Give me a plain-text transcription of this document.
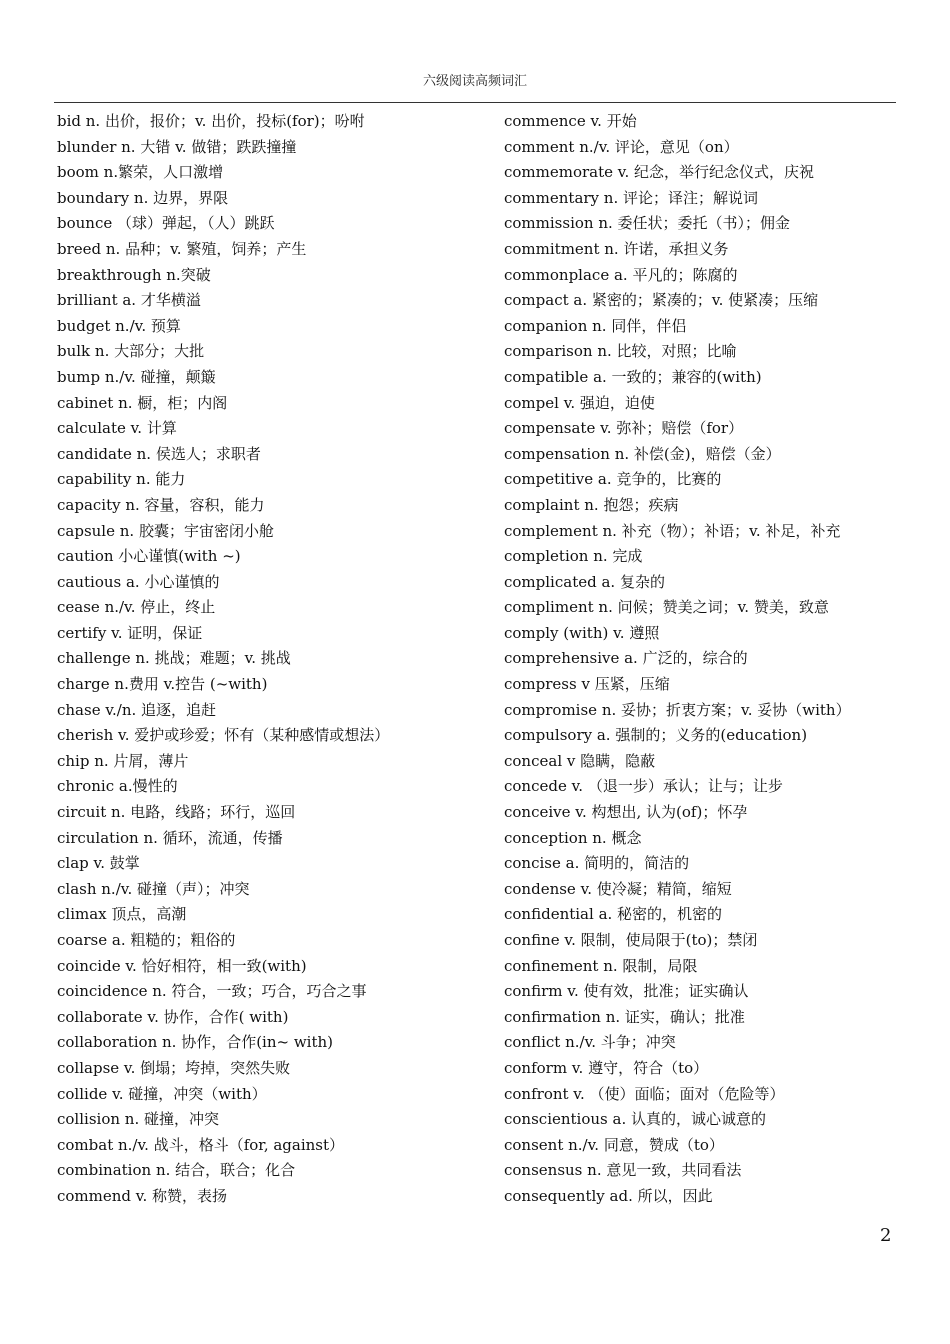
六级阅读高频词汇
bid n. 出价，报价；v. 出价，投标(for)；吩咐
blunder n. 大错 v. 做错；跌跌撞撞
boom n.繁荣，人口激增
boundary n. 边界，界限
bounce （球）弹起，（人）跳跃
breed n. 品种；v. 繁殖，饲养；产生
breakthrough n.突破
brilliant a. 才华横溢
budget n./v. 预算
bulk n. 大部分；大批
bump n./v. 碰撞，颠簸
cabinet n. 橱，柜；内阁
calculate v. 计算
candidate n. 侯选人；求职者
capability n. 能力
capacity n. 容量，容积，能力
capsule n. 胶囊；宇宙密闭小舱
caution 小心谨慎(with ~)
cautious a. 小心谨慎的
cease n./v. 停止，终止
certify v. 证明，保证
challenge n. 挑战；难题；v. 挑战
charge n.费用 v.控告 (~with)
chase v./n. 追逐，追赶
cherish v. 爱护或珍爱；怀有（某种感情或想法）
chip n. 片屑，薄片
chronic a.慢性的
circuit n. 电路，线路；环行，巡回
circulation n. 循环，流通，传播
clap v. 鼓掌
clash n./v. 碰撞（声）；冲突
climax 顶点，高潮
coarse a. 粗糙的；粗俗的
coincide v. 恰好相符，相一致(with)
coincidence n. 符合，一致；巧合，巧合之事
collaborate v. 协作，合作( with)
collaboration n. 协作，合作(in~ with)
collapse v. 倒塌；垮掉，突然失败
collide v. 碰撞，冲突（with）
collision n. 碰撞，冲突
combat n./v. 战斗，格斗（for, against）
combination n. 结合，联合；化合
commend v. 称赞，表扬
commence v. 开始
comment n./v. 评论，意见（on）
commemorate v. 纪念，举行纪念仪式，庆祝
commentary n. 评论；译注；解说词
commission n. 委任状；委托（书）；佣金
commitment n. 许诺，承担义务
commonplace a. 平凡的；陈腐的
compact a. 紧密的；紧凑的；v. 使紧凑；压缩
companion n. 同伴，伴侣
comparison n. 比较，对照；比喻
compatible a. 一致的；兼容的(with)
compel v. 强迫，迫使
compensate v. 弥补；赔偿（for）
compensation n. 补偿(金)，赔偿（金）
competitive a. 竞争的，比赛的
complaint n. 抱怨；疾病
complement n. 补充（物）；补语；v. 补足，补充
completion n. 完成
complicated a. 复杂的
compliment n. 问候；赞美之词；v. 赞美，致意
comply (with) v. 遵照
comprehensive a. 广泛的，综合的
compress v 压紧，压缩
compromise n. 妥协；折衷方案；v. 妥协（with）
compulsory a. 强制的；义务的(education)
conceal v 隐瞒，隐蔽
concede v. （退一步）承认；让与；让步
conceive v. 构想出, 认为(of)；怀孕
conception n. 概念
concise a. 简明的，简洁的
condense v. 使冷凝；精简，缩短
confidential a. 秘密的，机密的
confine v. 限制，使局限于(to)；禁闭
confinement n. 限制，局限
confirm v. 使有效，批准；证实确认
confirmation n. 证实，确认；批准
conflict n./v. 斗争；冲突
conform v. 遵守，符合（to）
confront v. （使）面临；面对（危险等）
conscientious a. 认真的，诚心诚意的
consent n./v. 同意，赞成（to）
consensus n. 意见一致，共同看法
consequently ad. 所以，因此
2
